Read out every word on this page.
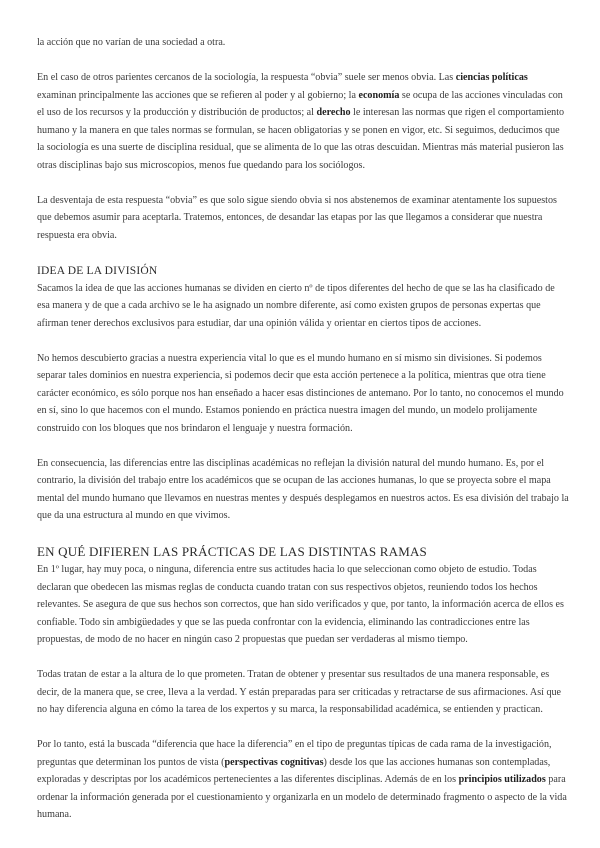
la acción que no varían de una sociedad a otra.

En el caso de otros parientes cercanos de la sociología, la respuesta “obvia” suele ser menos obvia. Las ciencias políticas examinan principalmente las acciones que se refieren al poder y al gobierno; la economía se ocupa de las acciones vinculadas con el uso de los recursos y la producción y distribución de productos; al derecho le interesan las normas que rigen el comportamiento humano y la manera en que tales normas se formulan, se hacen obligatorias y se ponen en vigor, etc. Si seguimos, deducimos que la sociología es una suerte de disciplina residual, que se alimenta de lo que las otras descuidan. Mientras más material pusieron las otras disciplinas bajo sus microscopios, menos fue quedando para los sociólogos.

La desventaja de esta respuesta “obvia” es que solo sigue siendo obvia si nos abstenemos de examinar atentamente los supuestos que debemos asumir para aceptarla. Tratemos, entonces, de desandar las etapas por las que llegamos a considerar que nuestra respuesta era obvia.

IDEA DE LA DIVISIÓN

Sacamos la idea de que las acciones humanas se dividen en cierto nº de tipos diferentes del hecho de que se las ha clasificado de esa manera y de que a cada archivo se le ha asignado un nombre diferente, así como existen grupos de personas expertas que afirman tener derechos exclusivos para estudiar, dar una opinión válida y orientar en ciertos tipos de acciones.

No hemos descubierto gracias a nuestra experiencia vital lo que es el mundo humano en sí mismo sin divisiones. Si podemos separar tales dominios en nuestra experiencia, si podemos decir que esta acción pertenece a la política, mientras que otra tiene carácter económico, es sólo porque nos han enseñado a hacer esas distinciones de antemano. Por lo tanto, no conocemos el mundo en sí, sino lo que hacemos con el mundo. Estamos poniendo en práctica nuestra imagen del mundo, un modelo prolijamente construido con los bloques que nos brindaron el lenguaje y nuestra formación.

En consecuencia, las diferencias entre las disciplinas académicas no reflejan la división natural del mundo humano. Es, por el contrario, la división del trabajo entre los académicos que se ocupan de las acciones humanas, lo que se proyecta sobre el mapa mental del mundo humano que llevamos en nuestras mentes y después desplegamos en nuestros actos. Es esa división del trabajo la que da una estructura al mundo en que vivimos.

EN QUÉ DIFIEREN LAS PRÁCTICAS DE LAS DISTINTAS RAMAS

En 1º lugar, hay muy poca, o ninguna, diferencia entre sus actitudes hacia lo que seleccionan como objeto de estudio. Todas declaran que obedecen las mismas reglas de conducta cuando tratan con sus respectivos objetos, reuniendo todos los hechos relevantes. Se asegura de que sus hechos son correctos, que han sido verificados y que, por tanto, la información acerca de ellos es confiable. Todo sin ambigüedades y que se las pueda confrontar con la evidencia, eliminando las contradicciones entre las propuestas, de modo de no hacer en ningún caso 2 propuestas que puedan ser verdaderas al mismo tiempo.

Todas tratan de estar a la altura de lo que prometen. Tratan de obtener y presentar sus resultados de una manera responsable, es decir, de la manera que, se cree, lleva a la verdad. Y están preparadas para ser criticadas y retractarse de sus afirmaciones. Así que no hay diferencia alguna en cómo la tarea de los expertos y su marca, la responsabilidad académica, se entienden y practican.

Por lo tanto, está la buscada “diferencia que hace la diferencia” en el tipo de preguntas típicas de cada rama de la investigación, preguntas que determinan los puntos de vista (perspectivas cognitivas) desde los que las acciones humanas son contempladas, exploradas y descriptas por los académicos pertenecientes a las diferentes disciplinas. Además de en los principios utilizados para ordenar la información generada por el cuestionamiento y organizarla en un modelo de determinado fragmento o aspecto de la vida humana.
